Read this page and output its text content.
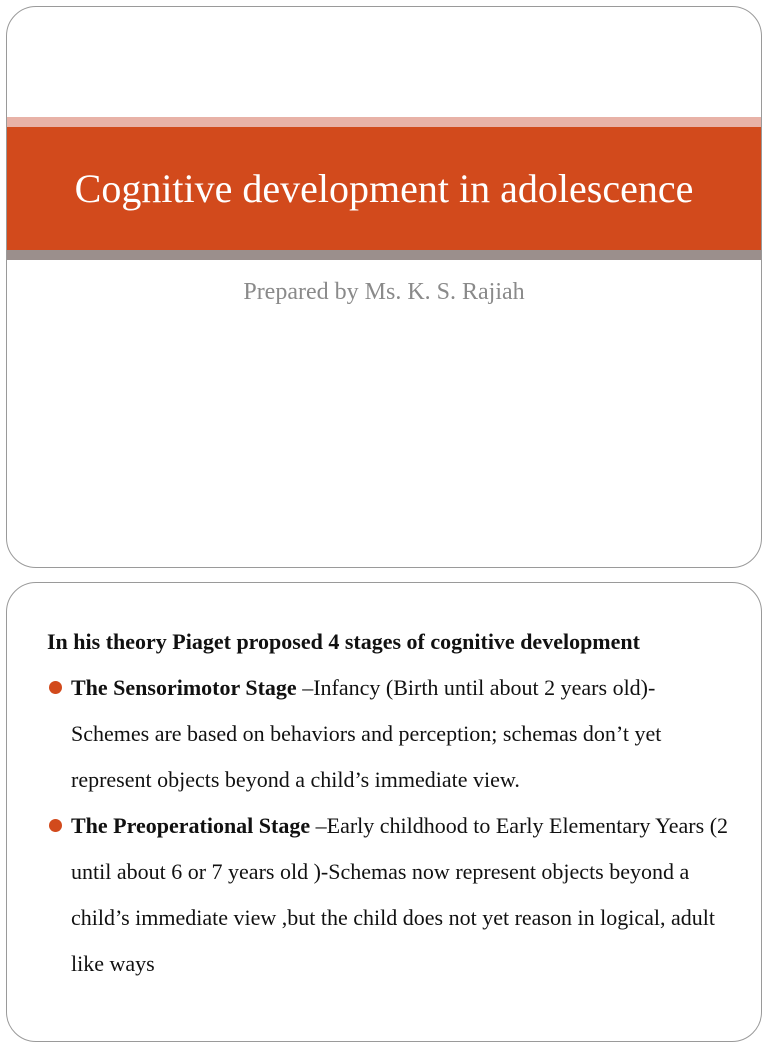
Cognitive development in adolescence
Prepared by Ms. K. S. Rajiah

In his theory Piaget proposed 4 stages of cognitive development

The Sensorimotor Stage –Infancy (Birth until about 2 years old)-Schemes are based on behaviors and perception; schemas don’t yet represent objects beyond a child’s immediate view.

The Preoperational Stage –Early childhood to Early Elementary Years (2 until about 6 or 7 years old )-Schemas now represent objects beyond a child’s immediate view ,but the child does not yet reason in logical, adult like ways
